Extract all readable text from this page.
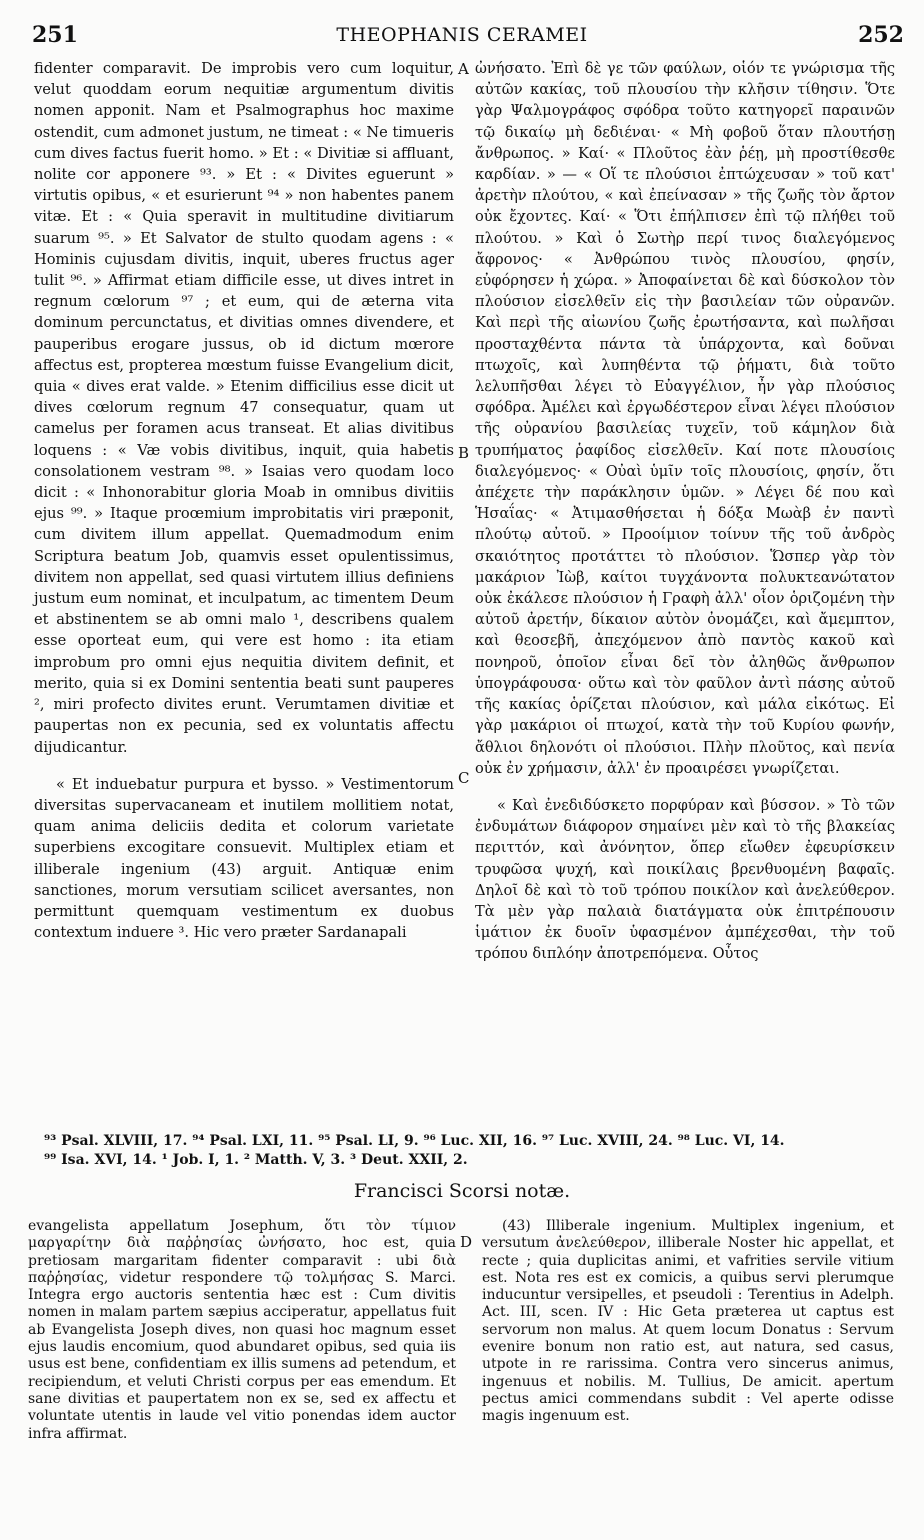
251	THEOPHANIS CERAMEI	252

fidenter comparavit. De improbis vero cum loquitur, velut quoddam eorum nequitiæ argumentum divitis nomen apponit. Nam et Psalmographus hoc maxime ostendit, cum admonet justum, ne timeat : « Ne timueris cum dives factus fuerit homo. » Et : « Divitiæ si affluant, nolite cor apponere ⁹³. » Et : « Divites eguerunt » virtutis opibus, « et esurierunt ⁹⁴ » non habentes panem vitæ. Et : « Quia speravit in multitudine divitiarum suarum ⁹⁵. » Et Salvator de stulto quodam agens : « Hominis cujusdam divitis, inquit, uberes fructus ager tulit ⁹⁶. » Affirmat etiam difficile esse, ut dives intret in regnum cœlorum ⁹⁷ ; et eum, qui de æterna vita dominum percunctatus, et divitias omnes divendere, et pauperibus erogare jussus, ob id dictum mœrore affectus est, propterea mœstum fuisse Evangelium dicit, quia « dives erat valde. » Etenim difficilius esse dicit ut dives cœlorum regnum 47 consequatur, quam ut camelus per foramen acus transeat. Et alias divitibus loquens : « Væ vobis divitibus, inquit, quia habetis consolationem vestram ⁹⁸. » Isaias vero quodam loco dicit : « Inhonorabitur gloria Moab in omnibus divitiis ejus ⁹⁹. » Itaque proœmium improbitatis viri præponit, cum divitem illum appellat. Quemadmodum enim Scriptura beatum Job, quamvis esset opulentissimus, divitem non appellat, sed quasi virtutem illius definiens justum eum nominat, et inculpatum, ac timentem Deum et abstinentem se ab omni malo ¹, describens qualem esse oporteat eum, qui vere est homo : ita etiam improbum pro omni ejus nequitia divitem definit, et merito, quia si ex Domini sententia beati sunt pauperes ², miri profecto divites erunt. Verumtamen divitiæ et paupertas non ex pecunia, sed ex voluntatis affectu dijudicantur.

« Et induebatur purpura et bysso. » Vestimentorum diversitas supervacaneam et inutilem mollitiem notat, quam anima deliciis dedita et colorum varietate superbiens excogitare consuevit. Multiplex etiam et illiberale ingenium (43) arguit. Antiquæ enim sanctiones, morum versutiam scilicet aversantes, non permittunt quemquam vestimentum ex duobus contextum induere ³. Hic vero præter Sardanapali

A
B
C

ὠνήσατο. Ἐπὶ δὲ γε τῶν φαύλων, οἱόν τε γνώρισμα τῆς αὐτῶν κακίας, τοῦ πλουσίου τὴν κλῆσιν τίθησιν. Ὅτε γὰρ Ψαλμογράφος σφόδρα τοῦτο κατηγορεῖ παραινῶν τῷ δικαίῳ μὴ δεδιέναι· « Μὴ φοβοῦ ὅταν πλουτήσῃ ἄνθρωπος. » Καί· « Πλοῦτος ἐὰν ῥέῃ, μὴ προστίθεσθε καρδίαν. » — « Οἵ τε πλούσιοι ἐπτώχευσαν » τοῦ κατ' ἀρετὴν πλούτου, « καὶ ἐπείνασαν » τῆς ζωῆς τὸν ἄρτον οὐκ ἔχοντες. Καί· « Ὅτι ἐπήλπισεν ἐπὶ τῷ πλήθει τοῦ πλούτου. » Καὶ ὁ Σωτὴρ περί τινος διαλεγόμενος ἄφρονος· « Ἀνθρώπου τινὸς πλουσίου, φησίν, εὐφόρησεν ἡ χώρα. » Ἀποφαίνεται δὲ καὶ δύσκολον τὸν πλούσιον εἰσελθεῖν εἰς τὴν βασιλείαν τῶν οὐρανῶν. Καὶ περὶ τῆς αἰωνίου ζωῆς ἐρωτήσαντα, καὶ πωλῆσαι προσταχθέντα πάντα τὰ ὑπάρχοντα, καὶ δοῦναι πτωχοῖς, καὶ λυπηθέντα τῷ ῥήματι, διὰ τοῦτο λελυπῆσθαι λέγει τὸ Εὐαγγέλιον, ἦν γὰρ πλούσιος σφόδρα. Ἀμέλει καὶ ἐργωδέστερον εἶναι λέγει πλούσιον τῆς οὐρανίου βασιλείας τυχεῖν, τοῦ κάμηλον διὰ τρυπήματος ῥαφίδος εἰσελθεῖν. Καί ποτε πλουσίοις διαλεγόμενος· « Οὐαὶ ὑμῖν τοῖς πλουσίοις, φησίν, ὅτι ἀπέχετε τὴν παράκλησιν ὑμῶν. » Λέγει δέ που καὶ Ἡσαΐας· « Ἀτιμασθήσεται ἡ δόξα Μωὰβ ἐν παντὶ πλούτῳ αὐτοῦ. » Προοίμιον τοίνυν τῆς τοῦ ἀνδρὸς σκαιότητος προτάττει τὸ πλούσιον. Ὥσπερ γὰρ τὸν μακάριον Ἰὼβ, καίτοι τυγχάνοντα πολυκτεανώτατον οὐκ ἐκάλεσε πλούσιον ἡ Γραφὴ ἀλλ' οἷον ὁριζομένη τὴν αὐτοῦ ἀρετήν, δίκαιον αὐτὸν ὀνομάζει, καὶ ἄμεμπτον, καὶ θεοσεβῆ, ἀπεχόμενον ἀπὸ παντὸς κακοῦ καὶ πονηροῦ, ὁποῖον εἶναι δεῖ τὸν ἀληθῶς ἄνθρωπον ὑπογράφουσα· οὕτω καὶ τὸν φαῦλον ἀντὶ πάσης αὐτοῦ τῆς κακίας ὁρίζεται πλούσιον, καὶ μάλα εἰκότως. Εἰ γὰρ μακάριοι οἱ πτωχοί, κατὰ τὴν τοῦ Κυρίου φωνήν, ἄθλιοι δηλονότι οἱ πλούσιοι. Πλὴν πλοῦτος, καὶ πενία οὐκ ἐν χρήμασιν, ἀλλ' ἐν προαιρέσει γνωρίζεται.

« Καὶ ἐνεδιδύσκετο πορφύραν καὶ βύσσον. » Τὸ τῶν ἐνδυμάτων διάφορον σημαίνει μὲν καὶ τὸ τῆς βλακείας περιττόν, καὶ ἀνόνητον, ὅπερ εἴωθεν ἐφευρίσκειν τρυφῶσα ψυχή, καὶ ποικίλαις βρενθυομένη βαφαῖς. Δηλοῖ δὲ καὶ τὸ τοῦ τρόπου ποικίλον καὶ ἀνελεύθερον. Τὰ μὲν γὰρ παλαιὰ διατάγματα οὐκ ἐπιτρέπουσιν ἱμάτιον ἐκ δυοῖν ὑφασμένον ἀμπέχεσθαι, τὴν τοῦ τρόπου διπλόην ἀποτρεπόμενα. Οὗτος

⁹³ Psal. XLVIII, 17. ⁹⁴ Psal. LXI, 11. ⁹⁵ Psal. LI, 9. ⁹⁶ Luc. XII, 16. ⁹⁷ Luc. XVIII, 24. ⁹⁸ Luc. VI, 14.
⁹⁹ Isa. XVI, 14. ¹ Job. I, 1. ² Matth. V, 3. ³ Deut. XXII, 2.
Francisci Scorsi notæ.

evangelista appellatum Josephum, ὅτι τὸν τίμιον μαργαρίτην διὰ παῤῥησίας ὠνήσατο, hoc est, quia pretiosam margaritam fidenter comparavit : ubi διὰ παῤῥησίας, videtur respondere τῷ τολμήσας S. Marci. Integra ergo auctoris sententia hæc est : Cum divitis nomen in malam partem sæpius acciperatur, appellatus fuit ab Evangelista Joseph dives, non quasi hoc magnum esset ejus laudis encomium, quod abundaret opibus, sed quia iis usus est bene, confidentiam ex illis sumens ad petendum, et recipiendum, et veluti Christi corpus per eas emendum. Et sane divitias et paupertatem non ex se, sed ex affectu et voluntate utentis in laude vel vitio ponendas idem auctor infra affirmat.

D

(43) Illiberale ingenium. Multiplex ingenium, et versutum ἀνελεύθερον, illiberale Noster hic appellat, et recte ; quia duplicitas animi, et vafrities servile vitium est. Nota res est ex comicis, a quibus servi plerumque inducuntur versipelles, et pseudoli : Terentius in Adelph. Act. III, scen. IV : Hic Geta præterea ut captus est servorum non malus. At quem locum Donatus : Servum evenire bonum non ratio est, aut natura, sed casus, utpote in re rarissima. Contra vero sincerus animus, ingenuus et nobilis. M. Tullius, De amicit. apertum pectus amici commendans subdit : Vel aperte odisse magis ingenuum est.
